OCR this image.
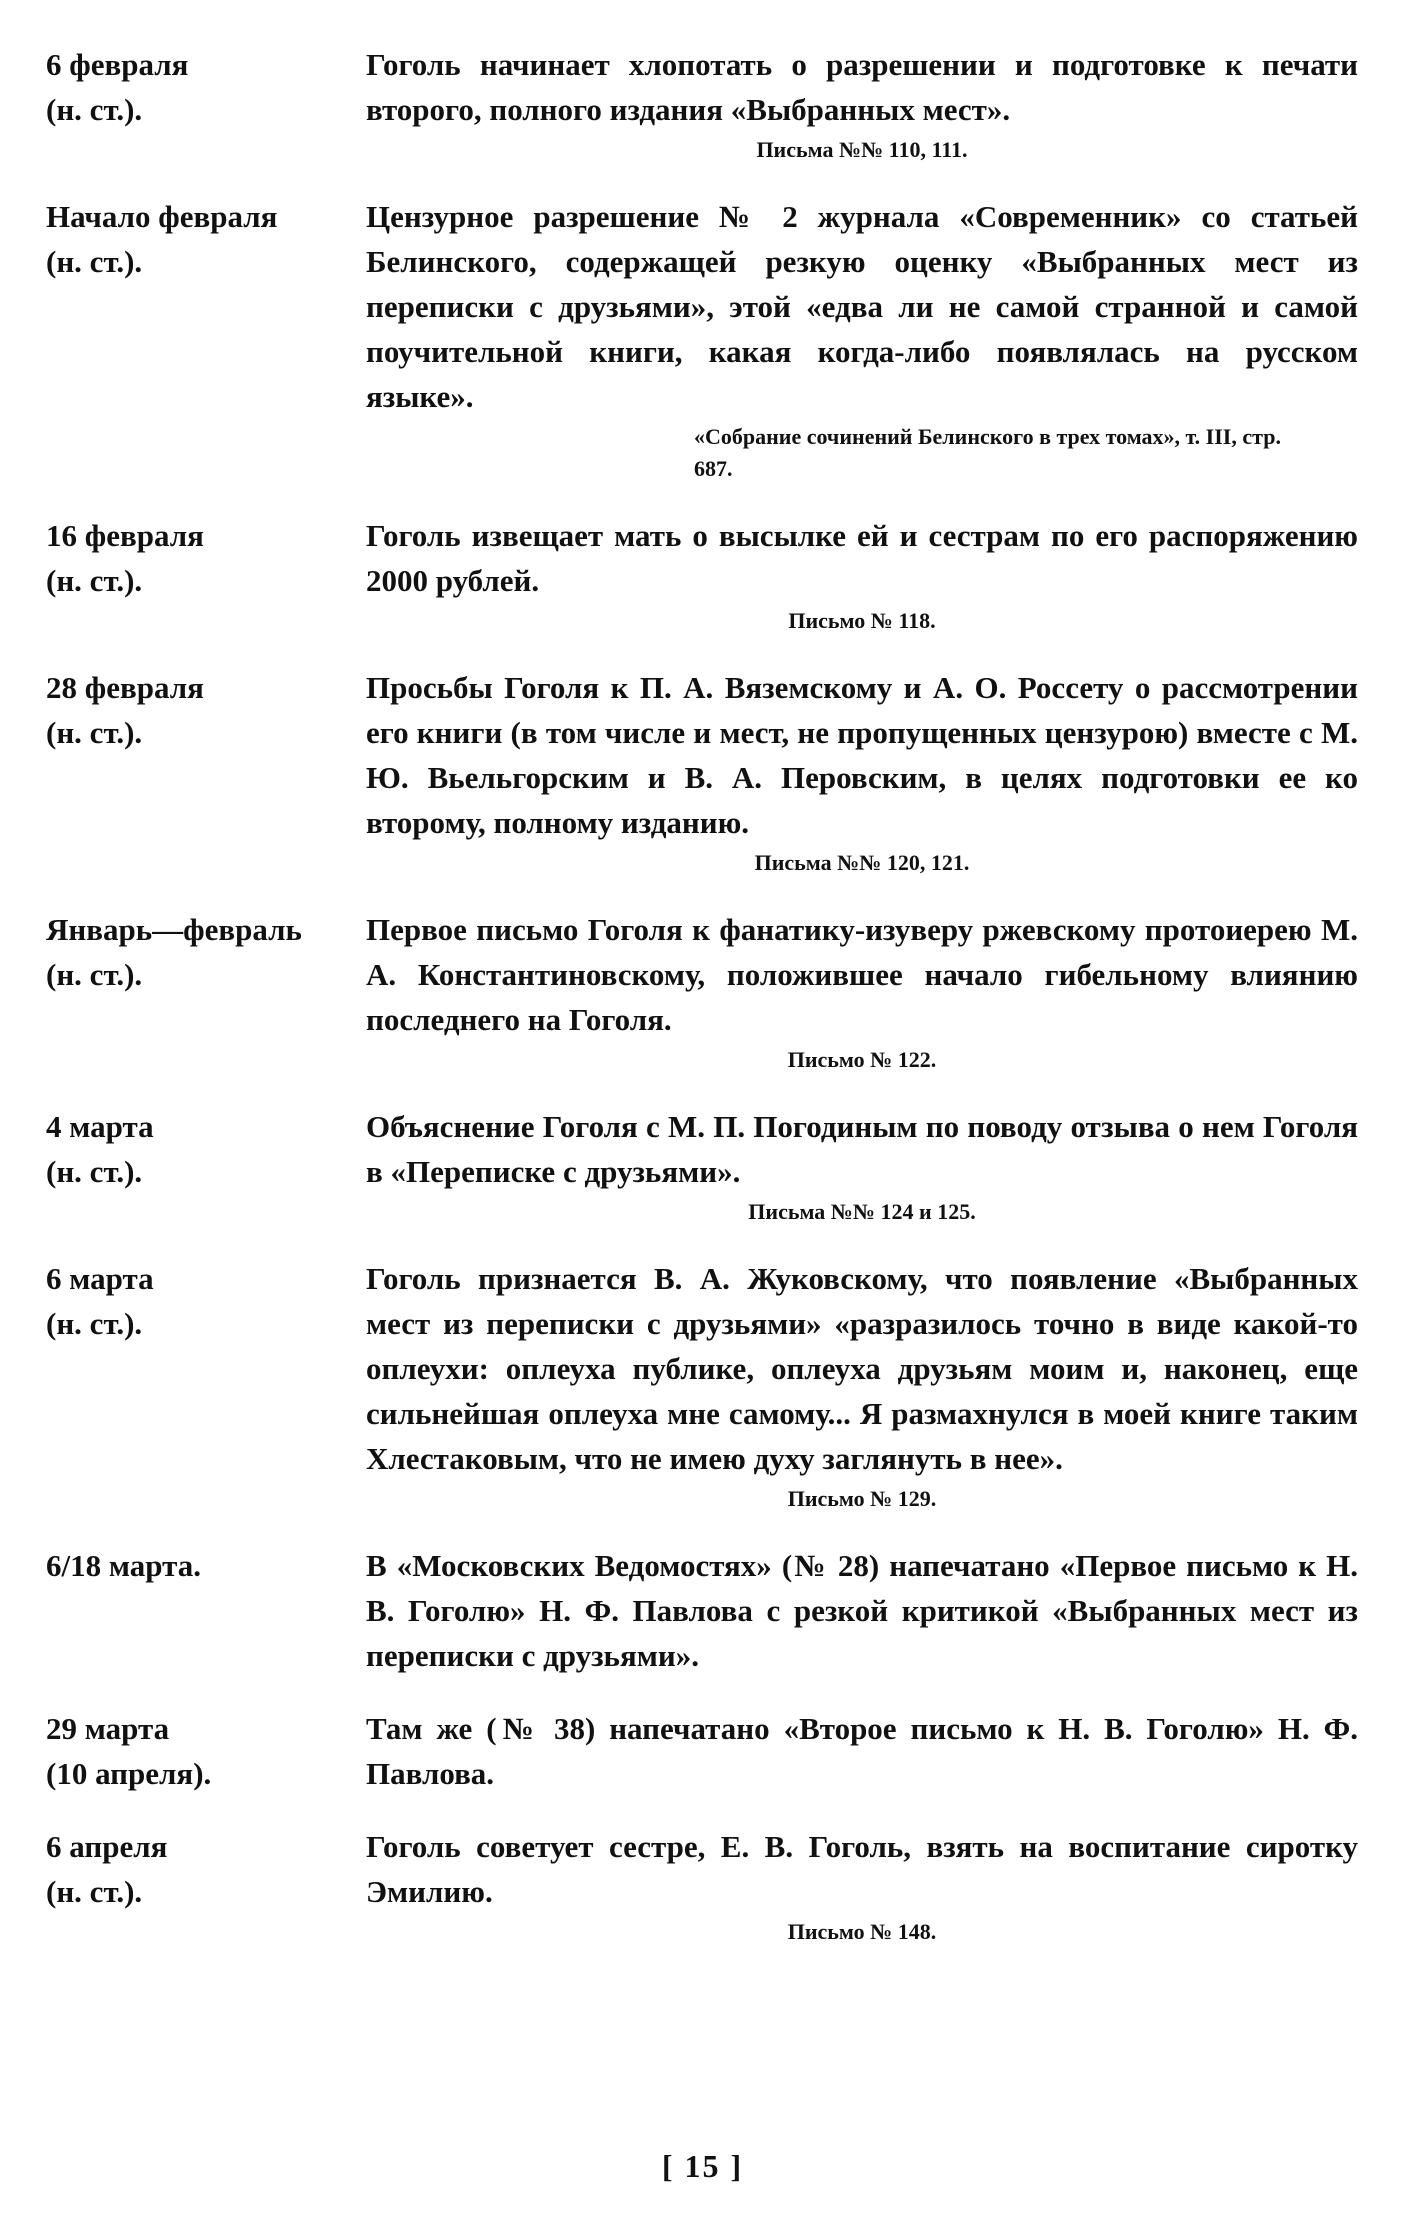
6 февраля
(н. ст.).

Гоголь начинает хлопотать о разрешении и подготовке к печати второго, полного издания «Выбранных мест».

Письма №№ 110, 111.

Начало февраля
(н. ст.).

Цензурное разрешение № 2 журнала «Современник» со статьей Белинского, содержащей резкую оценку «Выбранных мест из переписки с друзьями», этой «едва ли не самой странной и самой поучительной книги, какая когда-либо появлялась на русском языке».

«Собрание сочинений Белинского в трех томах», т. III, стр. 687.

16 февраля
(н. ст.).

Гоголь извещает мать о высылке ей и сестрам по его распоряжению 2000 рублей.

Письмо № 118.

28 февраля
(н. ст.).

Просьбы Гоголя к П. А. Вяземскому и А. О. Россету о рассмотрении его книги (в том числе и мест, не пропущенных цензурою) вместе с М. Ю. Вьельгорским и В. А. Перовским, в целях подготовки ее ко второму, полному изданию.

Письма №№ 120, 121.

Январь—февраль
(н. ст.).

Первое письмо Гоголя к фанатику-изуверу ржевскому протоиерею М. А. Константиновскому, положившее начало гибельному влиянию последнего на Гоголя.

Письмо № 122.

4 марта
(н. ст.).

Объяснение Гоголя с М. П. Погодиным по поводу отзыва о нем Гоголя в «Переписке с друзьями».

Письма №№ 124 и 125.

6 марта
(н. ст.).

Гоголь признается В. А. Жуковскому, что появление «Выбранных мест из переписки с друзьями» «разразилось точно в виде какой-то оплеухи: оплеуха публике, оплеуха друзьям моим и, наконец, еще сильнейшая оплеуха мне самому... Я размахнулся в моей книге таким Хлестаковым, что не имею духу заглянуть в нее».

Письмо № 129.

6/18 марта.	В «Московских Ведомостях» (№ 28) напечатано «Первое письмо к Н. В. Гоголю» Н. Ф. Павлова с резкой критикой «Выбранных мест из переписки с друзьями».

29 марта
(10 апреля).

Там же (№ 38) напечатано «Второе письмо к Н. В. Гоголю» Н. Ф. Павлова.

6 апреля
(н. ст.).

Гоголь советует сестре, Е. В. Гоголь, взять на воспитание сиротку Эмилию.

Письмо № 148.

[ 15 ]
